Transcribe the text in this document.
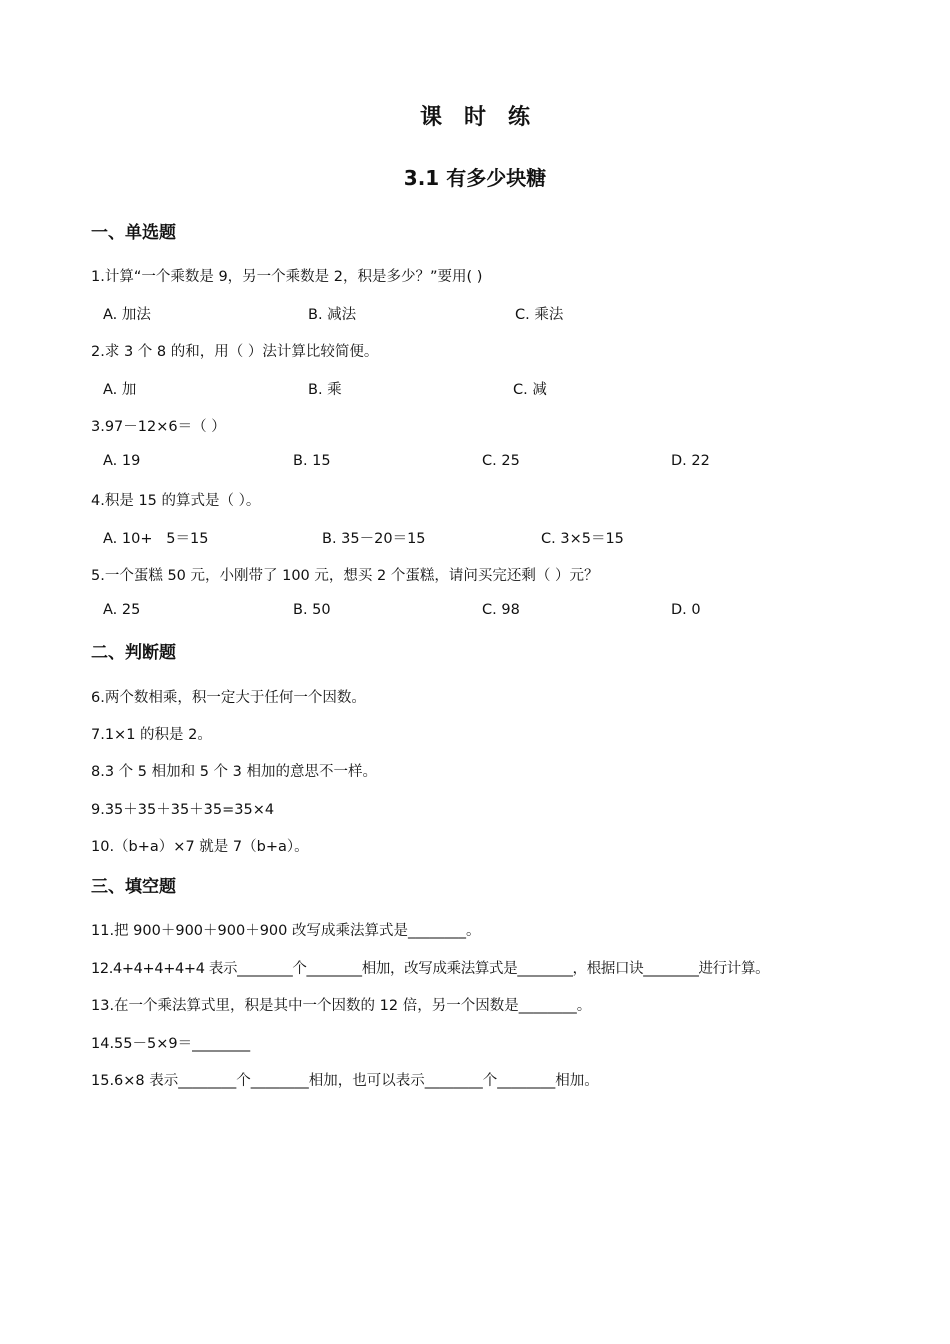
课时练
3.1 有多少块糖
一、单选题
1.计算“一个乘数是 9，另一个乘数是 2，积是多少？”要用( )
A. 加法	B. 减法	C. 乘法
2.求 3 个 8 的和，用（ ）法计算比较简便。
A. 加	B. 乘	C. 减
3.97－12×6＝（ ）
A. 19	B. 15	C. 25	D. 22
4.积是 15 的算式是（ ）。
A. 10+   5＝15	B. 35－20＝15	C. 3×5＝15
5.一个蛋糕 50 元，小刚带了 100 元，想买 2 个蛋糕，请问买完还剩（ ）元？
A. 25	B. 50	C. 98	D. 0
二、判断题
6.两个数相乘，积一定大于任何一个因数。
7.1×1 的积是 2。
8.3 个 5 相加和 5 个 3 相加的意思不一样。
9.35＋35＋35＋35=35×4
10.（b+a）×7 就是 7（b+a）。
三、填空题
11.把 900＋900＋900＋900 改写成乘法算式是________。
12.4+4+4+4+4 表示________个________相加，改写成乘法算式是________，根据口诀________进行计算。
13.在一个乘法算式里，积是其中一个因数的 12 倍，另一个因数是________。
14.55－5×9＝________
15.6×8 表示________个________相加，也可以表示________个________相加。
